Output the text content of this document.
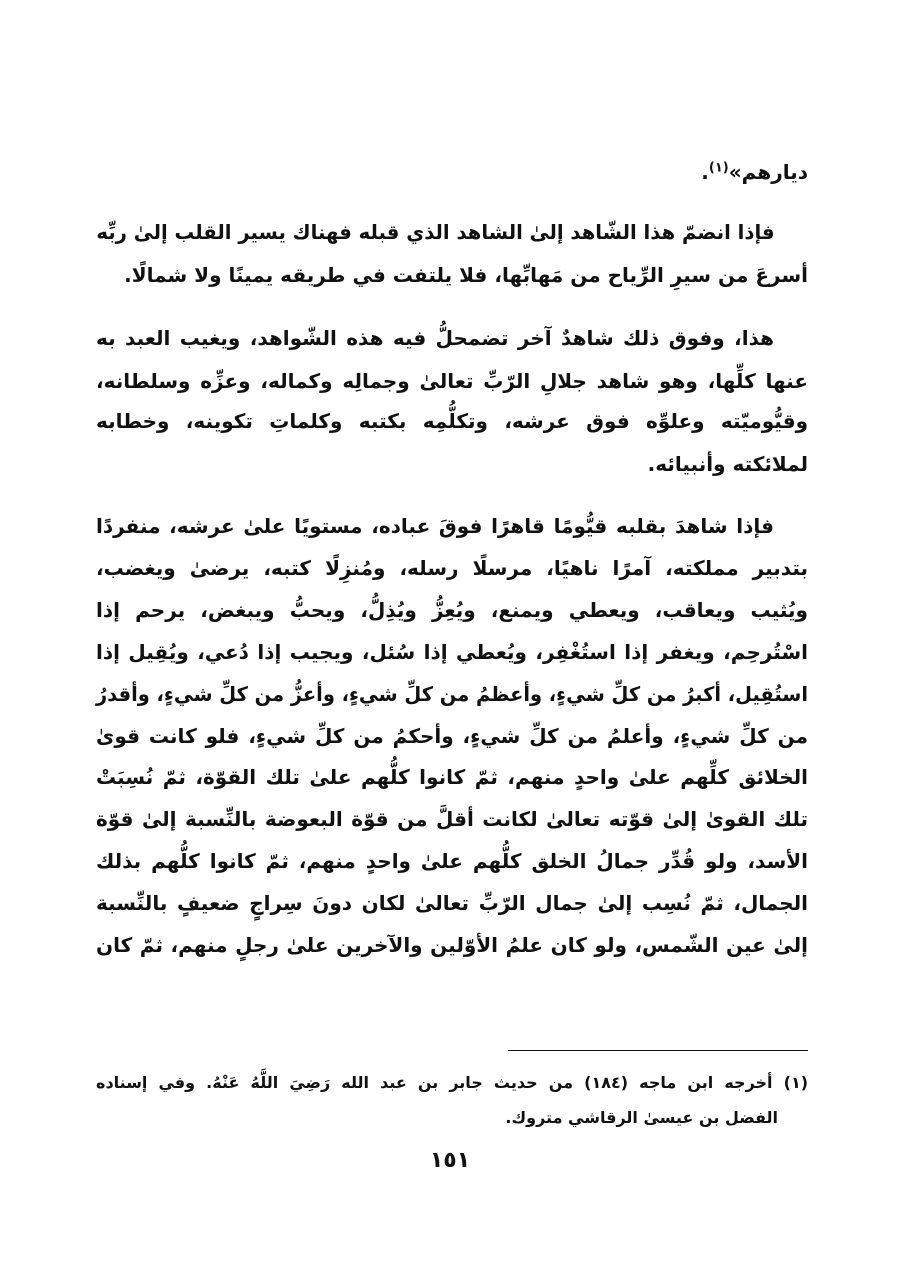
ديارهم»$^{(١)}$.
فإذا انضمّ هذا الشّاهد إلىٰ الشاهد الذي قبله فهناك يسير القلب إلىٰ ربِّه
أسرعَ من سيرِ الرِّياح من مَهابِّها، فلا يلتفت في طريقه يمينًا ولا شمالًا.
هذا، وفوق ذلك شاهدٌ آخر تضمحلُّ فيه هذه الشّواهد، ويغيب العبد به
عنها كلِّها، وهو شاهد جلالِ الرّبِّ تعالىٰ وجمالِه وكماله، وعزِّه وسلطانه،
وقيُّوميّته وعلوِّه فوق عرشه، وتكلُّمِه بكتبه وكلماتِ تكوينه، وخطابه
لملائكته وأنبيائه.
فإذا شاهدَ بقلبه قيُّومًا قاهرًا فوقَ عباده، مستويًا علىٰ عرشه، منفردًا
بتدبير مملكته، آمرًا ناهيًا، مرسلًا رسله، ومُنزِلًا كتبه، يرضىٰ ويغضب،
ويُثيب ويعاقب، ويعطي ويمنع، ويُعِزُّ ويُذِلُّ، ويحبُّ ويبغض، يرحم إذا
اسْتُرحِم، ويغفر إذا استُغْفِر، ويُعطي إذا سُئل، ويجيب إذا دُعي، ويُقِيل إذا
استُقِيل، أكبرُ من كلِّ شيءٍ، وأعظمُ من كلِّ شيءٍ، وأعزُّ من كلِّ شيءٍ، وأقدرُ
من كلِّ شيءٍ، وأعلمُ من كلِّ شيءٍ، وأحكمُ من كلِّ شيءٍ، فلو كانت قوىٰ
الخلائق كلِّهم علىٰ واحدٍ منهم، ثمّ كانوا كلُّهم علىٰ تلك القوّة، ثمّ نُسِبَتْ
تلك القوىٰ إلىٰ قوّته تعالىٰ لكانت أقلَّ من قوّة البعوضة بالنِّسبة إلىٰ قوّة
الأسد، ولو قُدِّر جمالُ الخلق كلُّهم علىٰ واحدٍ منهم، ثمّ كانوا كلُّهم بذلك
الجمال، ثمّ نُسِب إلىٰ جمال الرّبِّ تعالىٰ لكان دونَ سِراجٍ ضعيفٍ بالنِّسبة
إلىٰ عين الشّمس، ولو كان علمُ الأوّلين والآخرين علىٰ رجلٍ منهم، ثمّ كان
(١) أخرجه ابن ماجه (١٨٤) من حديث جابر بن عبد الله رَضِيَ اللَّهُ عَنْهُ. وفي إسناده
الفضل بن عيسىٰ الرقاشي متروك.
١٥١
